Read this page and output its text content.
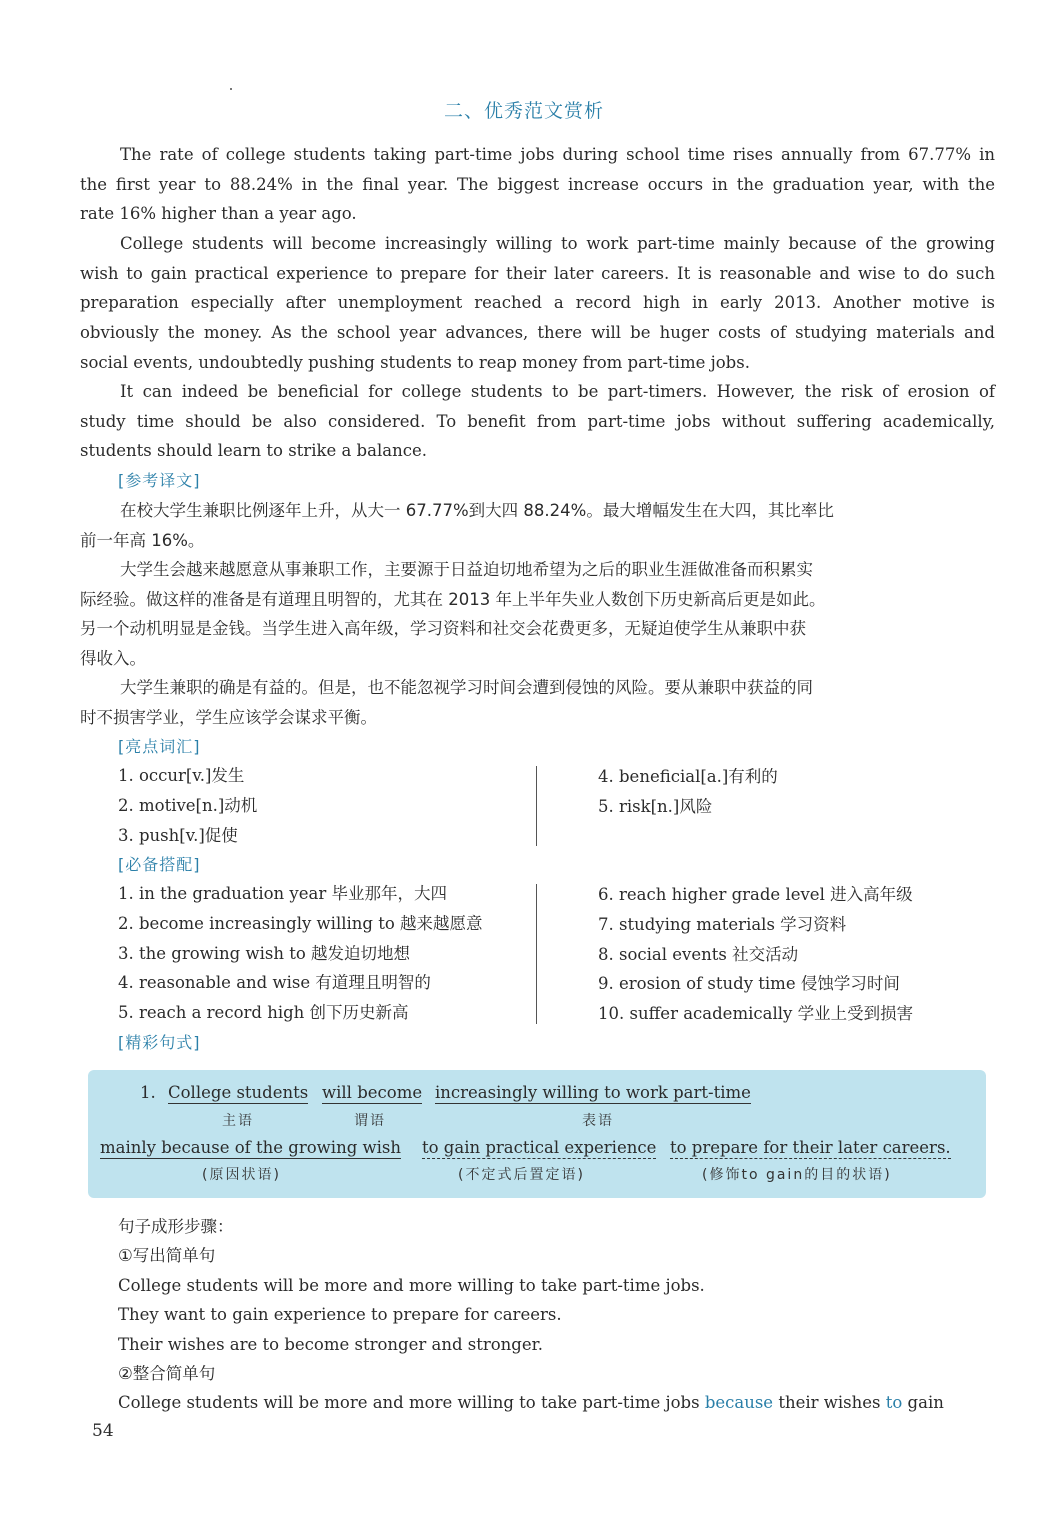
二、优秀范文赏析
The rate of college students taking part-time jobs during school time rises annually from 67.77% in
the first year to 88.24% in the final year. The biggest increase occurs in the graduation year, with the
rate 16% higher than a year ago.
College students will become increasingly willing to work part-time mainly because of the growing
wish to gain practical experience to prepare for their later careers. It is reasonable and wise to do such
preparation especially after unemployment reached a record high in early 2013. Another motive is
obviously the money. As the school year advances, there will be huger costs of studying materials and
social events, undoubtedly pushing students to reap money from part-time jobs.
It can indeed be beneficial for college students to be part-timers. However, the risk of erosion of
study time should be also considered. To benefit from part-time jobs without suffering academically,
students should learn to strike a balance.
[参考译文]
在校大学生兼职比例逐年上升，从大一 67.77%到大四 88.24%。最大增幅发生在大四，其比率比
前一年高 16%。
大学生会越来越愿意从事兼职工作，主要源于日益迫切地希望为之后的职业生涯做准备而积累实
际经验。做这样的准备是有道理且明智的，尤其在 2013 年上半年失业人数创下历史新高后更是如此。
另一个动机明显是金钱。当学生进入高年级，学习资料和社交会花费更多，无疑迫使学生从兼职中获
得收入。
大学生兼职的确是有益的。但是，也不能忽视学习时间会遭到侵蚀的风险。要从兼职中获益的同
时不损害学业，学生应该学会谋求平衡。
[亮点词汇]
1. occur[v.]发生
2. motive[n.]动机
3. push[v.]促使
4. beneficial[a.]有利的
5. risk[n.]风险
[必备搭配]
1. in the graduation year 毕业那年，大四
2. become increasingly willing to 越来越愿意
3. the growing wish to 越发迫切地想
4. reasonable and wise 有道理且明智的
5. reach a record high 创下历史新高
6. reach higher grade level 进入高年级
7. studying materials 学习资料
8. social events 社交活动
9. erosion of study time 侵蚀学习时间
10. suffer academically 学业上受到损害
[精彩句式]
1. College students will become increasingly willing to work part-time
主语	谓语	表语
mainly because of the growing wish to gain practical experience to prepare for their later careers.
(原因状语)	(不定式后置定语)	(修饰to gain的目的状语)
句子成形步骤：
①写出简单句
College students will be more and more willing to take part-time jobs.
They want to gain experience to prepare for careers.
Their wishes are to become stronger and stronger.
②整合简单句
College students will be more and more willing to take part-time jobs because their wishes to gain
54
